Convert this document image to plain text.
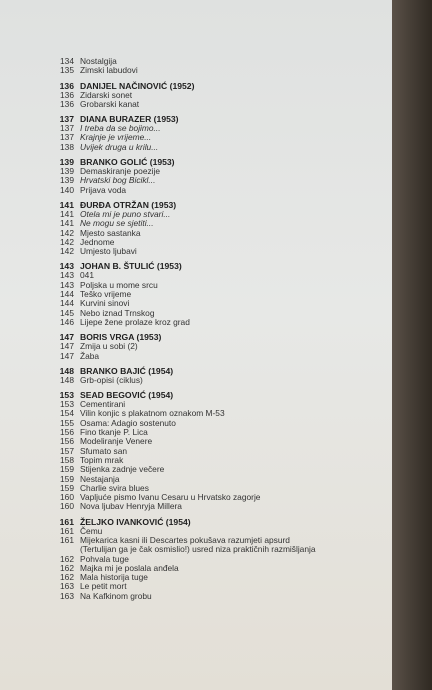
134 Nostalgija
135 Zimski labudovi
136 DANIJEL NAČINOVIĆ (1952)
136 Zidarski sonet
136 Grobarski kanat
137 DIANA BURAZER (1953)
137 I treba da se bojimo...
137 Krajnje je vrijeme...
138 Uvijek druga u krilu...
139 BRANKO GOLIĆ (1953)
139 Demaskiranje poezije
139 Hrvatski bog Bicikl...
140 Prijava voda
141 ĐURĐA OTRŽAN (1953)
141 Otela mi je puno stvari...
141 Ne mogu se sjetiti...
142 Mjesto sastanka
142 Jednome
142 Umjesto ljubavi
143 JOHAN B. ŠTULIĆ (1953)
143 041
143 Poljska u mome srcu
144 Teško vrijeme
144 Kurvini sinovi
145 Nebo iznad Trnskog
146 Lijepe žene prolaze kroz grad
147 BORIS VRGA (1953)
147 Zmija u sobi (2)
147 Žaba
148 BRANKO BAJIĆ (1954)
148 Grb-opisi (ciklus)
153 SEAD BEGOVIĆ (1954)
153 Cementirani
154 Vilin konjic s plakatnom oznakom M-53
155 Osama: Adagio sostenuto
156 Fino tkanje P. Lica
156 Modeliranje Venere
157 Sfumato san
158 Topim mrak
159 Stijenka zadnje večere
159 Nestajanja
159 Charlie svira blues
160 Vapljuće pismo Ivanu Cesaru u Hrvatsko zagorje
160 Nova ljubav Henryja Millera
161 ŽELJKO IVANKOVIĆ (1954)
161 Čemu
161 Mijekarica kasni ili Descartes pokušava razumjeti apsurd
(Tertulijan ga je čak osmislio!) usred niza praktičnih razmišljanja
162 Pohvala tuge
162 Majka mi je poslala anđela
162 Mala historija tuge
163 Le petit mort
163 Na Kafkinom grobu
